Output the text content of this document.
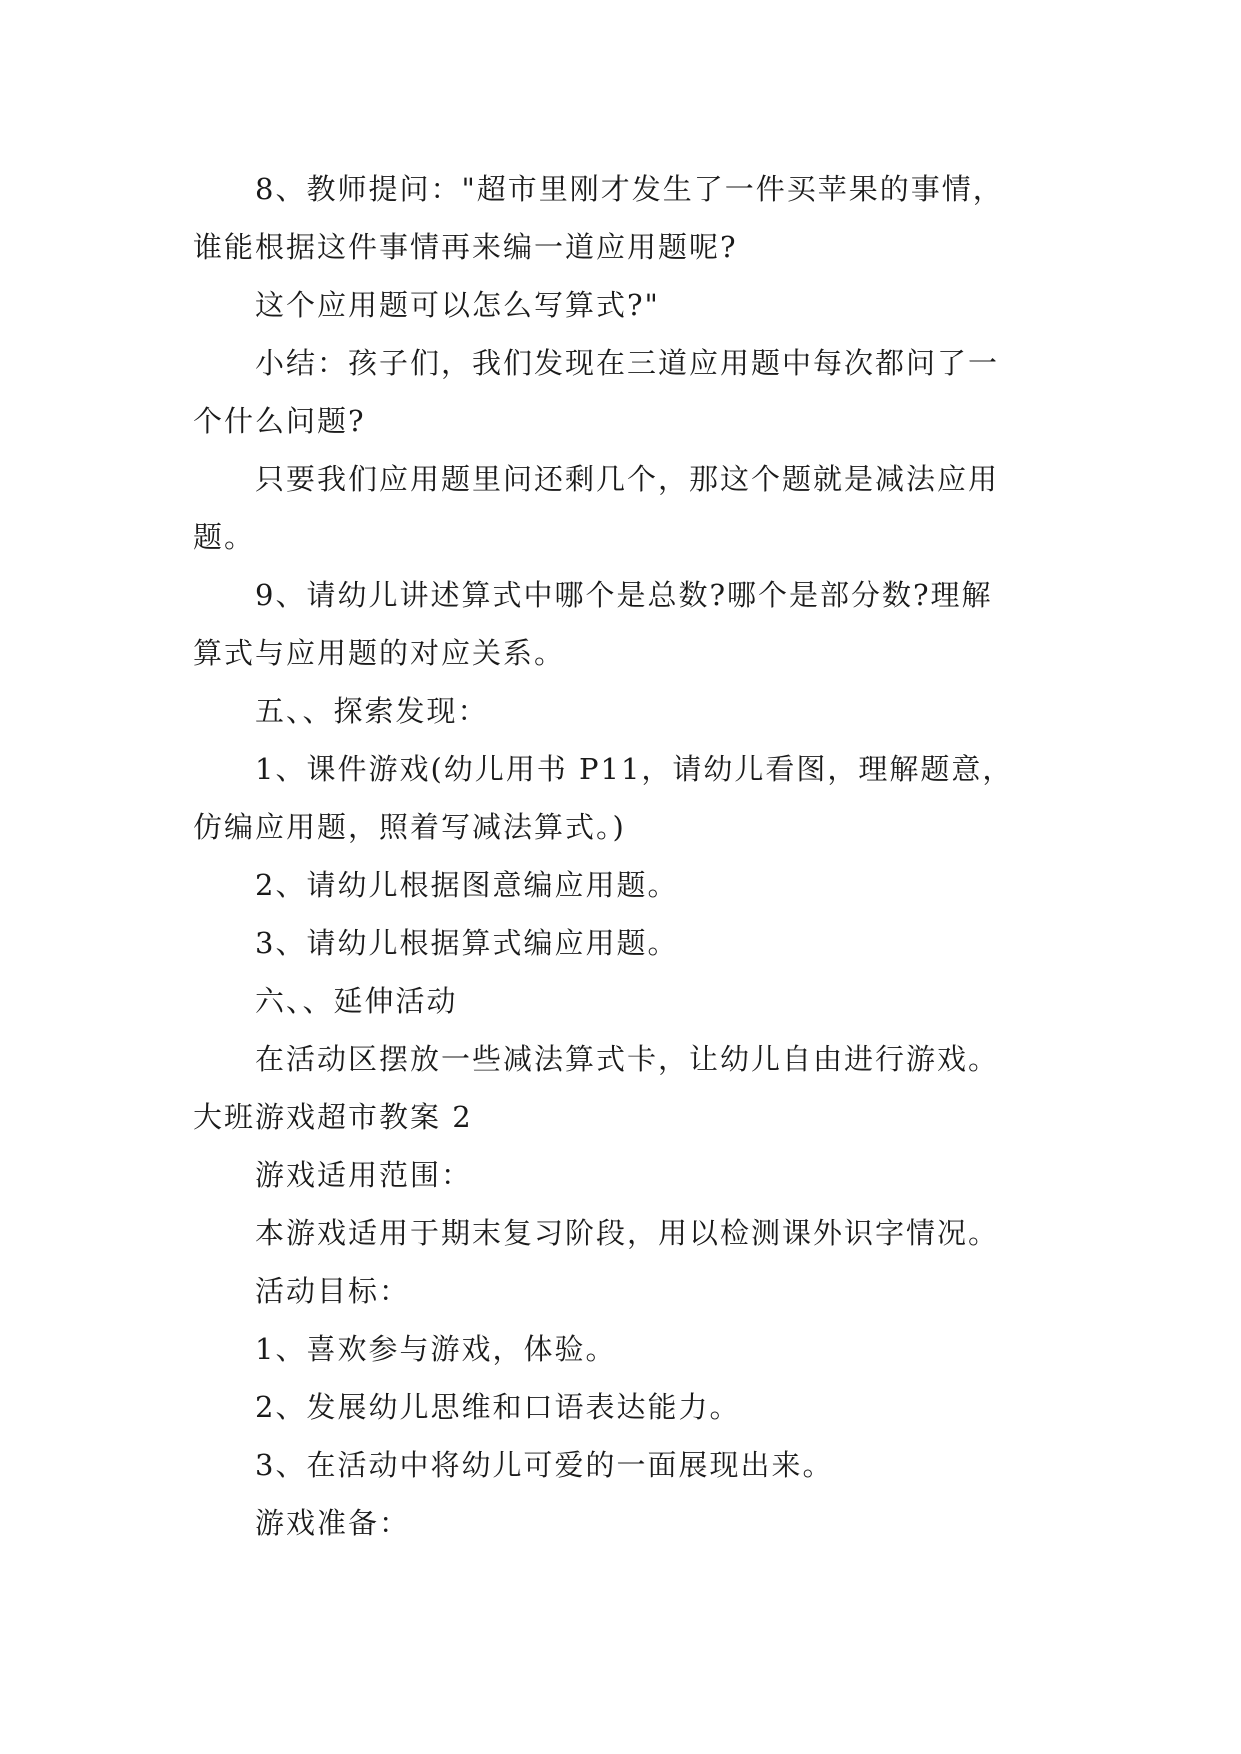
8、教师提问："超市里刚才发生了一件买苹果的事情，

谁能根据这件事情再来编一道应用题呢?

这个应用题可以怎么写算式?"

小结：孩子们，我们发现在三道应用题中每次都问了一

个什么问题?

只要我们应用题里问还剩几个，那这个题就是减法应用

题。

9、请幼儿讲述算式中哪个是总数?哪个是部分数?理解

算式与应用题的对应关系。

五、、探索发现：

1、课件游戏(幼儿用书 P11，请幼儿看图，理解题意，

仿编应用题，照着写减法算式。)

2、请幼儿根据图意编应用题。

3、请幼儿根据算式编应用题。

六、、延伸活动

在活动区摆放一些减法算式卡，让幼儿自由进行游戏。

大班游戏超市教案 2

游戏适用范围：

本游戏适用于期末复习阶段，用以检测课外识字情况。

活动目标：

1、喜欢参与游戏，体验。

2、发展幼儿思维和口语表达能力。

3、在活动中将幼儿可爱的一面展现出来。

游戏准备：
